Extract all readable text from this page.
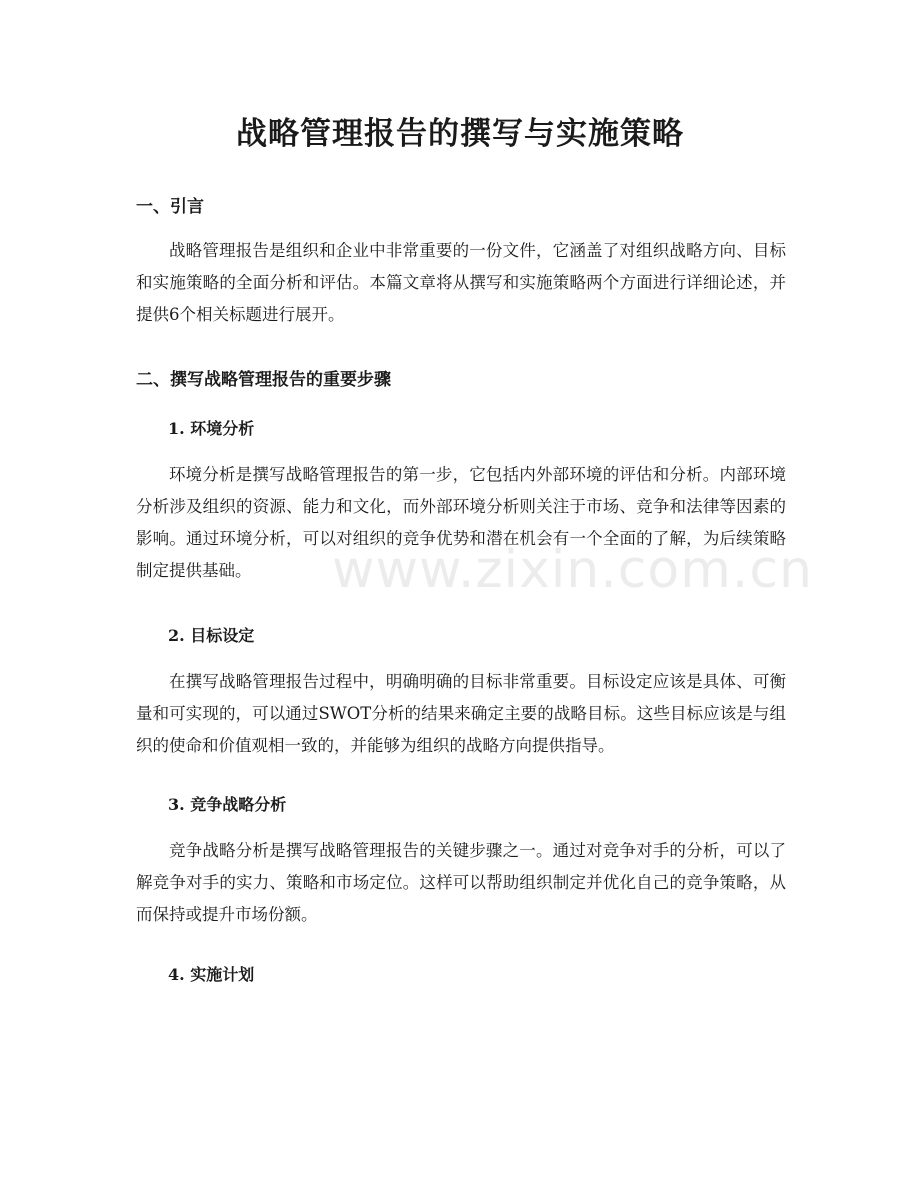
战略管理报告的撰写与实施策略
一、引言

战略管理报告是组织和企业中非常重要的一份文件，它涵盖了对组织战略方向、目标和实施策略的全面分析和评估。本篇文章将从撰写和实施策略两个方面进行详细论述，并提供6个相关标题进行展开。

二、撰写战略管理报告的重要步骤
1. 环境分析

环境分析是撰写战略管理报告的第一步，它包括内外部环境的评估和分析。内部环境分析涉及组织的资源、能力和文化，而外部环境分析则关注于市场、竞争和法律等因素的影响。通过环境分析，可以对组织的竞争优势和潜在机会有一个全面的了解，为后续策略制定提供基础。

2. 目标设定

在撰写战略管理报告过程中，明确明确的目标非常重要。目标设定应该是具体、可衡量和可实现的，可以通过SWOT分析的结果来确定主要的战略目标。这些目标应该是与组织的使命和价值观相一致的，并能够为组织的战略方向提供指导。

3. 竞争战略分析

竞争战略分析是撰写战略管理报告的关键步骤之一。通过对竞争对手的分析，可以了解竞争对手的实力、策略和市场定位。这样可以帮助组织制定并优化自己的竞争策略，从而保持或提升市场份额。

4. 实施计划
www.zixin.com.cn
